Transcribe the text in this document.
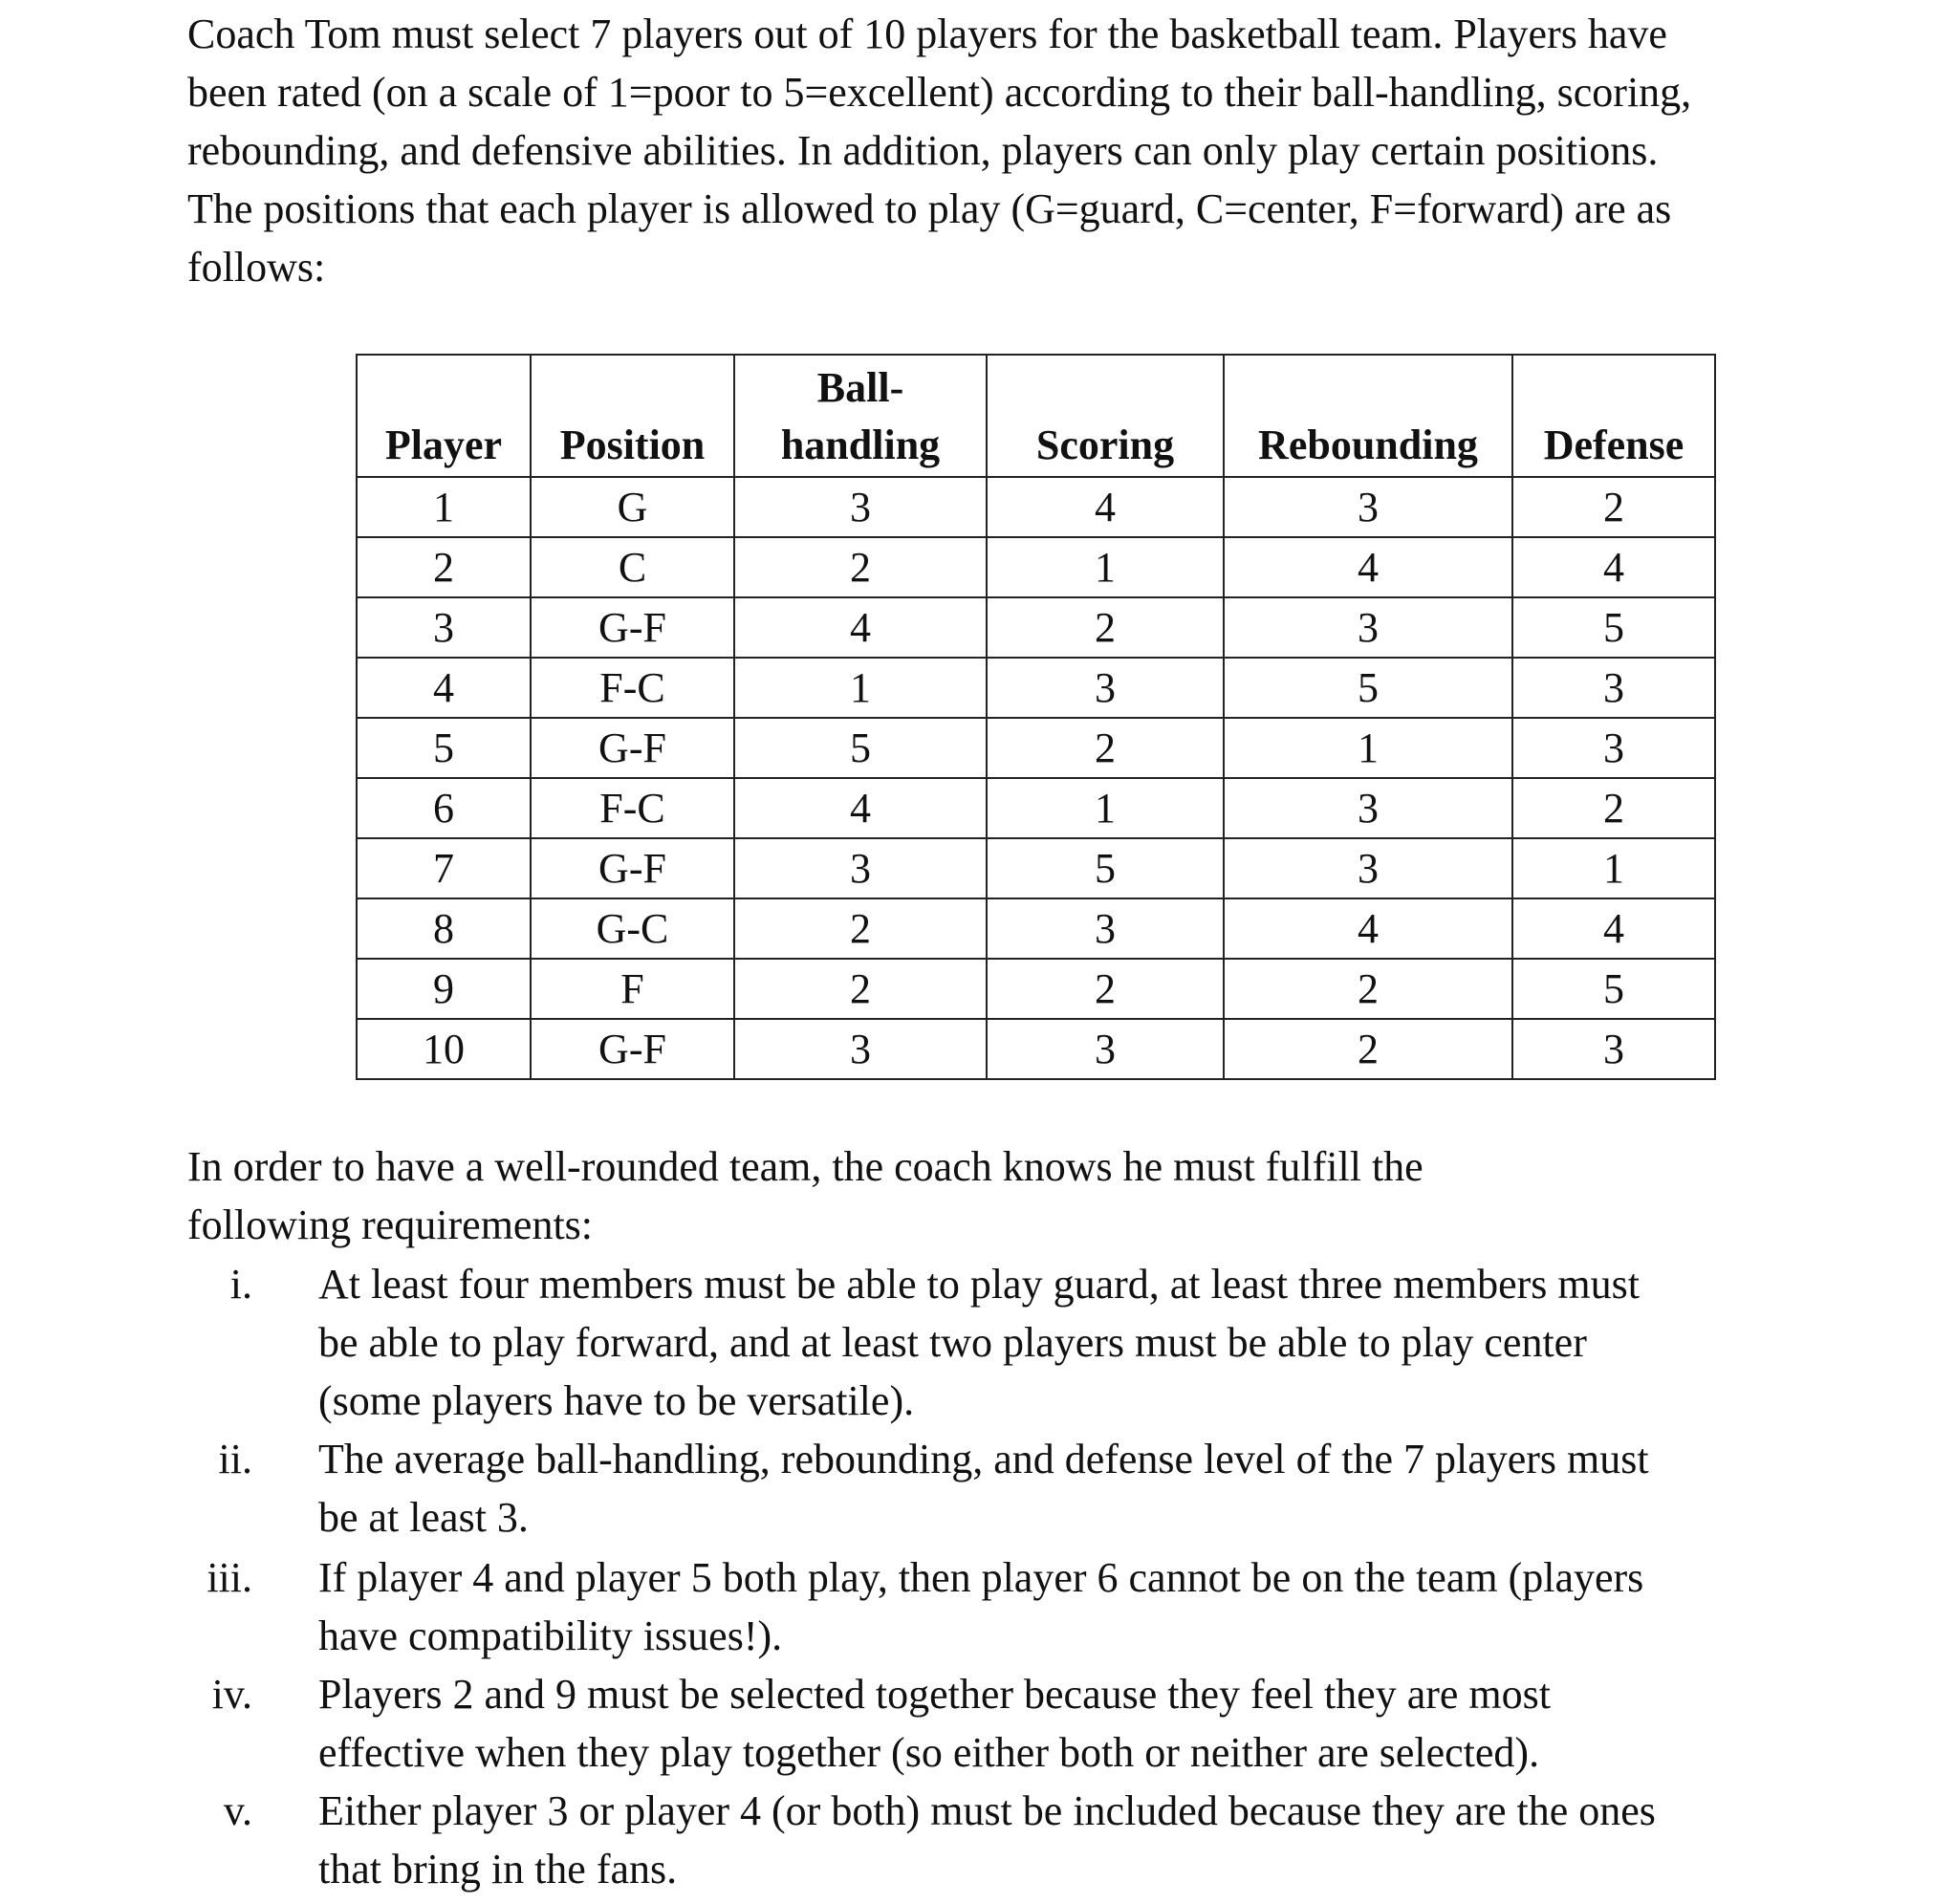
Coach Tom must select 7 players out of 10 players for the basketball team. Players have
been rated (on a scale of 1=poor to 5=excellent) according to their ball-handling, scoring,
rebounding, and defensive abilities. In addition, players can only play certain positions.
The positions that each player is allowed to play (G=guard, C=center, F=forward) are as
follows:

Player	Position	Ball-
handling	Scoring	Rebounding	Defense
1	G	3	4	3	2
2	C	2	1	4	4
3	G-F	4	2	3	5
4	F-C	1	3	5	3
5	G-F	5	2	1	3
6	F-C	4	1	3	2
7	G-F	3	5	3	1
8	G-C	2	3	4	4
9	F	2	2	2	5
10	G-F	3	3	2	3

In order to have a well-rounded team, the coach knows he must fulfill the
following requirements:

i. At least four members must be able to play guard, at least three members must
be able to play forward, and at least two players must be able to play center
(some players have to be versatile).
ii. The average ball-handling, rebounding, and defense level of the 7 players must
be at least 3.
iii. If player 4 and player 5 both play, then player 6 cannot be on the team (players
have compatibility issues!).
iv. Players 2 and 9 must be selected together because they feel they are most
effective when they play together (so either both or neither are selected).
v. Either player 3 or player 4 (or both) must be included because they are the ones
that bring in the fans.
